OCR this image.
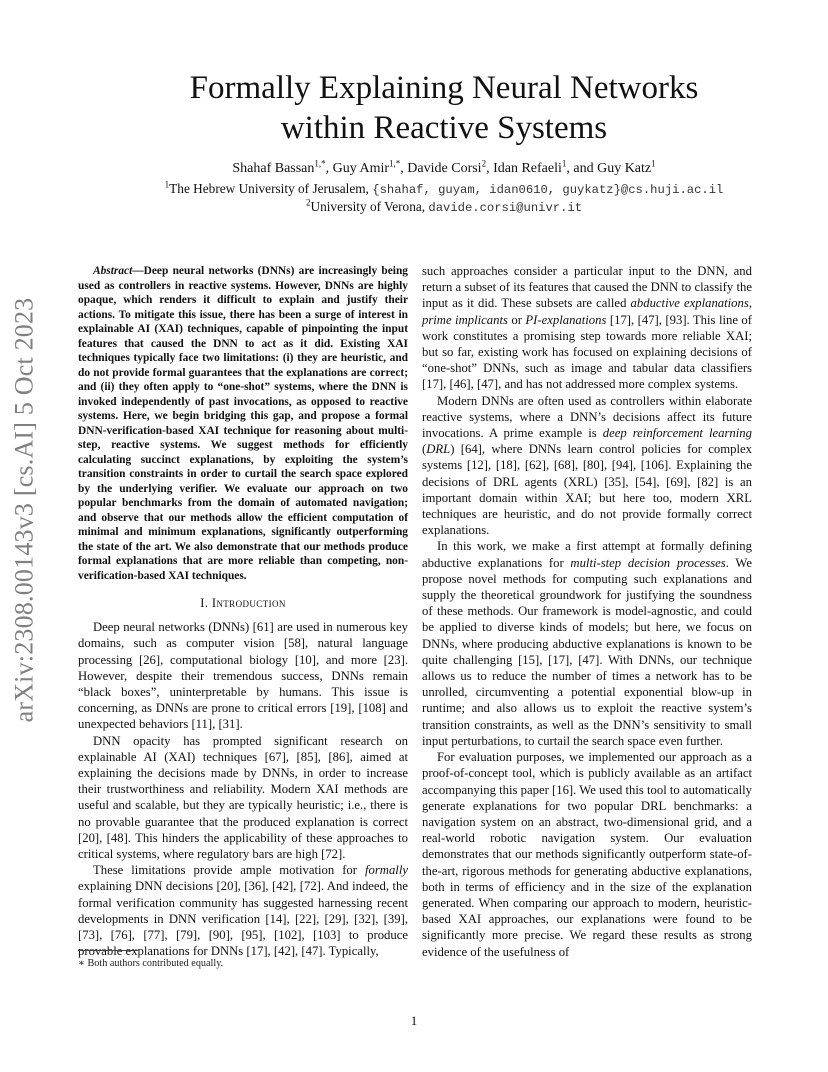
arXiv:2308.00143v3 [cs.AI] 5 Oct 2023
Formally Explaining Neural Networks
within Reactive Systems
Shahaf Bassan$^{1,*}$, Guy Amir$^{1,*}$, Davide Corsi$^2$, Idan Refaeli$^1$, and Guy Katz$^1$
$^1$The Hebrew University of Jerusalem, {shahaf, guyam, idan0610, guykatz}@cs.huji.ac.il
$^2$University of Verona, davide.corsi@univr.it

Abstract—Deep neural networks (DNNs) are increasingly being used as controllers in reactive systems. However, DNNs are highly opaque, which renders it difficult to explain and justify their actions. To mitigate this issue, there has been a surge of interest in explainable AI (XAI) techniques, capable of pinpointing the input features that caused the DNN to act as it did. Existing XAI techniques typically face two limitations: (i) they are heuristic, and do not provide formal guarantees that the explanations are correct; and (ii) they often apply to “one-shot” systems, where the DNN is invoked independently of past invocations, as opposed to reactive systems. Here, we begin bridging this gap, and propose a formal DNN-verification-based XAI technique for reasoning about multi-step, reactive systems. We suggest methods for efficiently calculating succinct explanations, by exploiting the system’s transition constraints in order to curtail the search space explored by the underlying verifier. We evaluate our approach on two popular benchmarks from the domain of automated navigation; and observe that our methods allow the efficient computation of minimal and minimum explanations, significantly outperforming the state of the art. We also demonstrate that our methods produce formal explanations that are more reliable than competing, non-verification-based XAI techniques.

I. Introduction

Deep neural networks (DNNs) [61] are used in numerous key domains, such as computer vision [58], natural language processing [26], computational biology [10], and more [23]. However, despite their tremendous success, DNNs remain “black boxes”, uninterpretable by humans. This issue is concerning, as DNNs are prone to critical errors [19], [108] and unexpected behaviors [11], [31].

DNN opacity has prompted significant research on explainable AI (XAI) techniques [67], [85], [86], aimed at explaining the decisions made by DNNs, in order to increase their trustworthiness and reliability. Modern XAI methods are useful and scalable, but they are typically heuristic; i.e., there is no provable guarantee that the produced explanation is correct [20], [48]. This hinders the applicability of these approaches to critical systems, where regulatory bars are high [72].

These limitations provide ample motivation for formally explaining DNN decisions [20], [36], [42], [72]. And indeed, the formal verification community has suggested harnessing recent developments in DNN verification [14], [22], [29], [32], [39], [73], [76], [77], [79], [90], [95], [102], [103] to produce provable explanations for DNNs [17], [42], [47]. Typically,

such approaches consider a particular input to the DNN, and return a subset of its features that caused the DNN to classify the input as it did. These subsets are called abductive explanations, prime implicants or PI-explanations [17], [47], [93]. This line of work constitutes a promising step towards more reliable XAI; but so far, existing work has focused on explaining decisions of “one-shot” DNNs, such as image and tabular data classifiers [17], [46], [47], and has not addressed more complex systems.

Modern DNNs are often used as controllers within elaborate reactive systems, where a DNN’s decisions affect its future invocations. A prime example is deep reinforcement learning (DRL) [64], where DNNs learn control policies for complex systems [12], [18], [62], [68], [80], [94], [106]. Explaining the decisions of DRL agents (XRL) [35], [54], [69], [82] is an important domain within XAI; but here too, modern XRL techniques are heuristic, and do not provide formally correct explanations.

In this work, we make a first attempt at formally defining abductive explanations for multi-step decision processes. We propose novel methods for computing such explanations and supply the theoretical groundwork for justifying the soundness of these methods. Our framework is model-agnostic, and could be applied to diverse kinds of models; but here, we focus on DNNs, where producing abductive explanations is known to be quite challenging [15], [17], [47]. With DNNs, our technique allows us to reduce the number of times a network has to be unrolled, circumventing a potential exponential blow-up in runtime; and also allows us to exploit the reactive system’s transition constraints, as well as the DNN’s sensitivity to small input perturbations, to curtail the search space even further.

For evaluation purposes, we implemented our approach as a proof-of-concept tool, which is publicly available as an artifact accompanying this paper [16]. We used this tool to automatically generate explanations for two popular DRL benchmarks: a navigation system on an abstract, two-dimensional grid, and a real-world robotic navigation system. Our evaluation demonstrates that our methods significantly outperform state-of-the-art, rigorous methods for generating abductive explanations, both in terms of efficiency and in the size of the explanation generated. When comparing our approach to modern, heuristic-based XAI approaches, our explanations were found to be significantly more precise. We regard these results as strong evidence of the usefulness of

∗ Both authors contributed equally.
1
